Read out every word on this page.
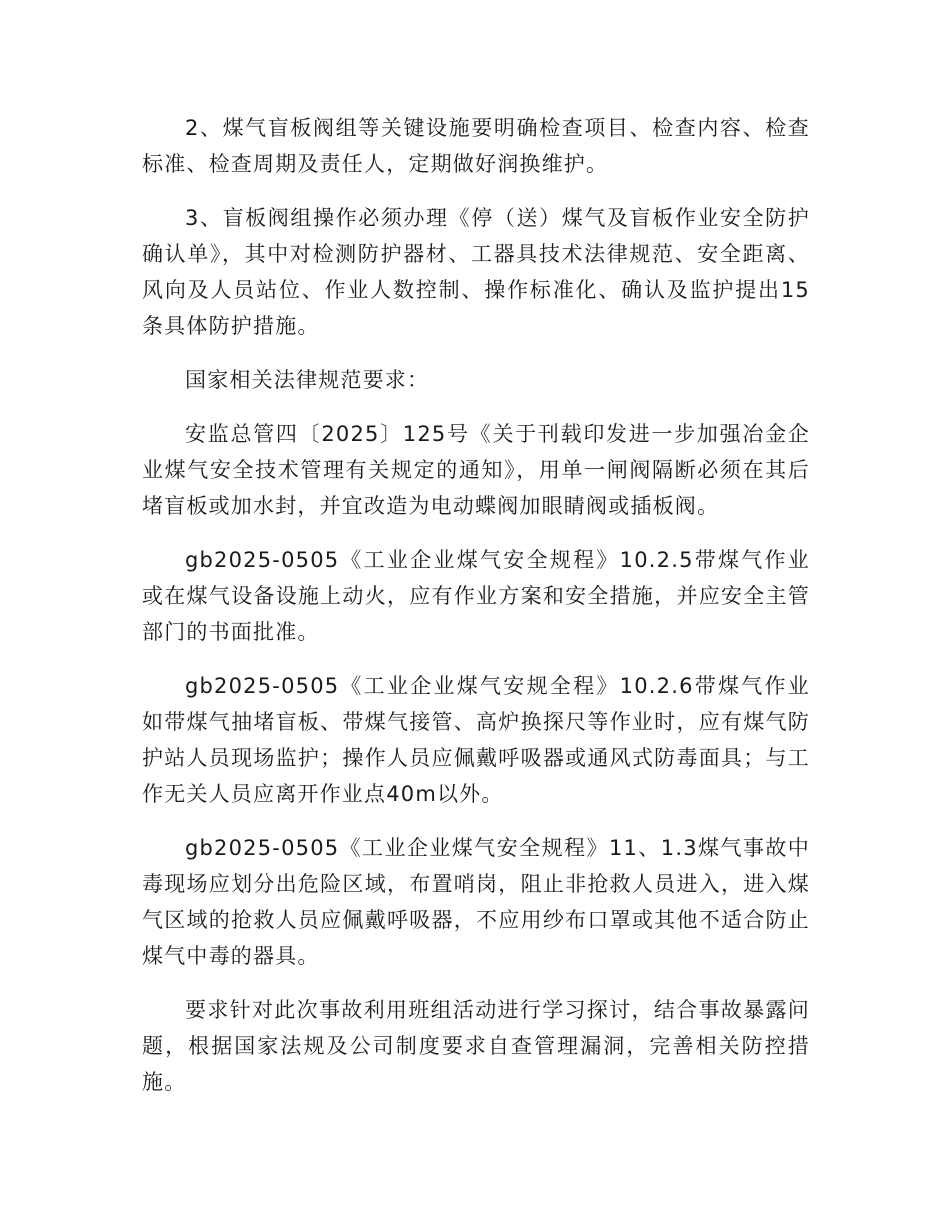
2、煤气盲板阀组等关键设施要明确检查项目、检查内容、检查标准、检查周期及责任人，定期做好润换维护。

3、盲板阀组操作必须办理《停（送）煤气及盲板作业安全防护确认单》，其中对检测防护器材、工器具技术法律规范、安全距离、风向及人员站位、作业人数控制、操作标准化、确认及监护提出15条具体防护措施。

国家相关法律规范要求：

安监总管四〔2025〕125号《关于刊载印发进一步加强冶金企业煤气安全技术管理有关规定的通知》，用单一闸阀隔断必须在其后堵盲板或加水封，并宜改造为电动蝶阀加眼睛阀或插板阀。

gb2025-0505《工业企业煤气安全规程》10.2.5带煤气作业或在煤气设备设施上动火，应有作业方案和安全措施，并应安全主管部门的书面批准。

gb2025-0505《工业企业煤气安规全程》10.2.6带煤气作业如带煤气抽堵盲板、带煤气接管、高炉换探尺等作业时，应有煤气防护站人员现场监护；操作人员应佩戴呼吸器或通风式防毒面具；与工作无关人员应离开作业点40m以外。

gb2025-0505《工业企业煤气安全规程》11、1.3煤气事故中毒现场应划分出危险区域，布置哨岗，阻止非抢救人员进入，进入煤气区域的抢救人员应佩戴呼吸器，不应用纱布口罩或其他不适合防止煤气中毒的器具。

要求针对此次事故利用班组活动进行学习探讨，结合事故暴露问题，根据国家法规及公司制度要求自查管理漏洞，完善相关防控措施。
